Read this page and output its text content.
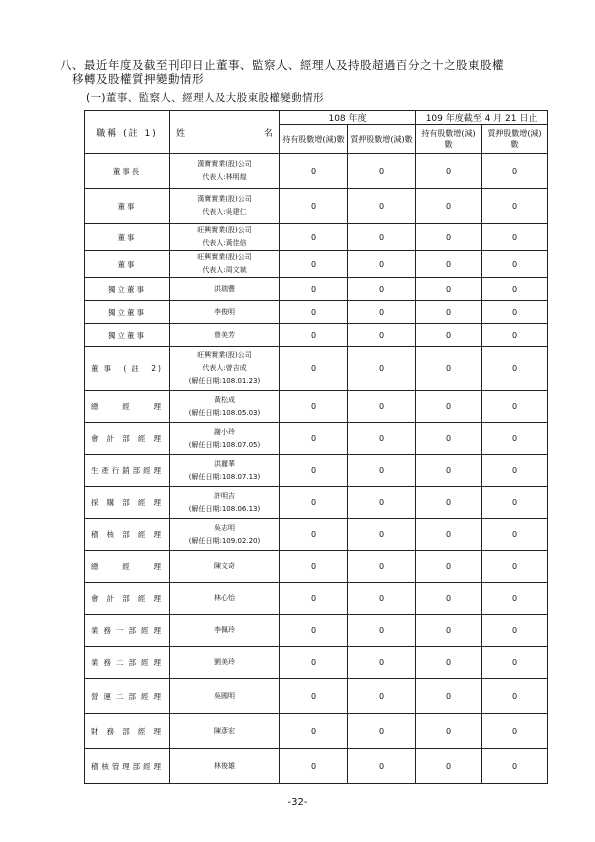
八、最近年度及截至刊印日止董事、監察人、經理人及持股超過百分之十之股東股權
移轉及股權質押變動情形
(一)董事、監察人、經理人及大股東股權變動情形
職稱 (註 1)	姓 名	108 年度		109 年度截至 4 月 21 日止	
		持有股數增(減)數	質押股數增(減)數	持有股數增(減)數	質押股數增(減)數
董事長	漢寶實業(股)公司
代表人:林明煌	0	0	0	0
董事	漢寶實業(股)公司
代表人:吳建仁	0	0	0	0
董事	旺興實業(股)公司
代表人:黃佳倍	0	0	0	0
董事	旺興實業(股)公司
代表人:周文斌	0	0	0	0
獨立董事	洪瑞豐	0	0	0	0
獨立董事	李俊明	0	0	0	0
獨立董事	曾美芳	0	0	0	0
董事 (註 2)	旺興實業(股)公司
代表人:曾吉成
(解任日期:108.01.23)	0	0	0	0
總經理	黃松成
(解任日期:108.05.03)	0	0	0	0
會計部經理	謝小玲
(解任日期:108.07.05)	0	0	0	0
生產行銷部經理	洪麗華
(解任日期:108.07.13)	0	0	0	0
採購部經理	許明吉
(解任日期:108.06.13)	0	0	0	0
稽核部經理	吳志明
(解任日期:109.02.20)	0	0	0	0
總經理	陳文奇	0	0	0	0
會計部經理	林心怡	0	0	0	0
業務一部經理	李佩玲	0	0	0	0
業務二部經理	劉美玲	0	0	0	0
營運二部經理	吳國明	0	0	0	0
財務部經理	陳彥宏	0	0	0	0
稽核管理部經理	林俊雄	0	0	0	0
-32-
